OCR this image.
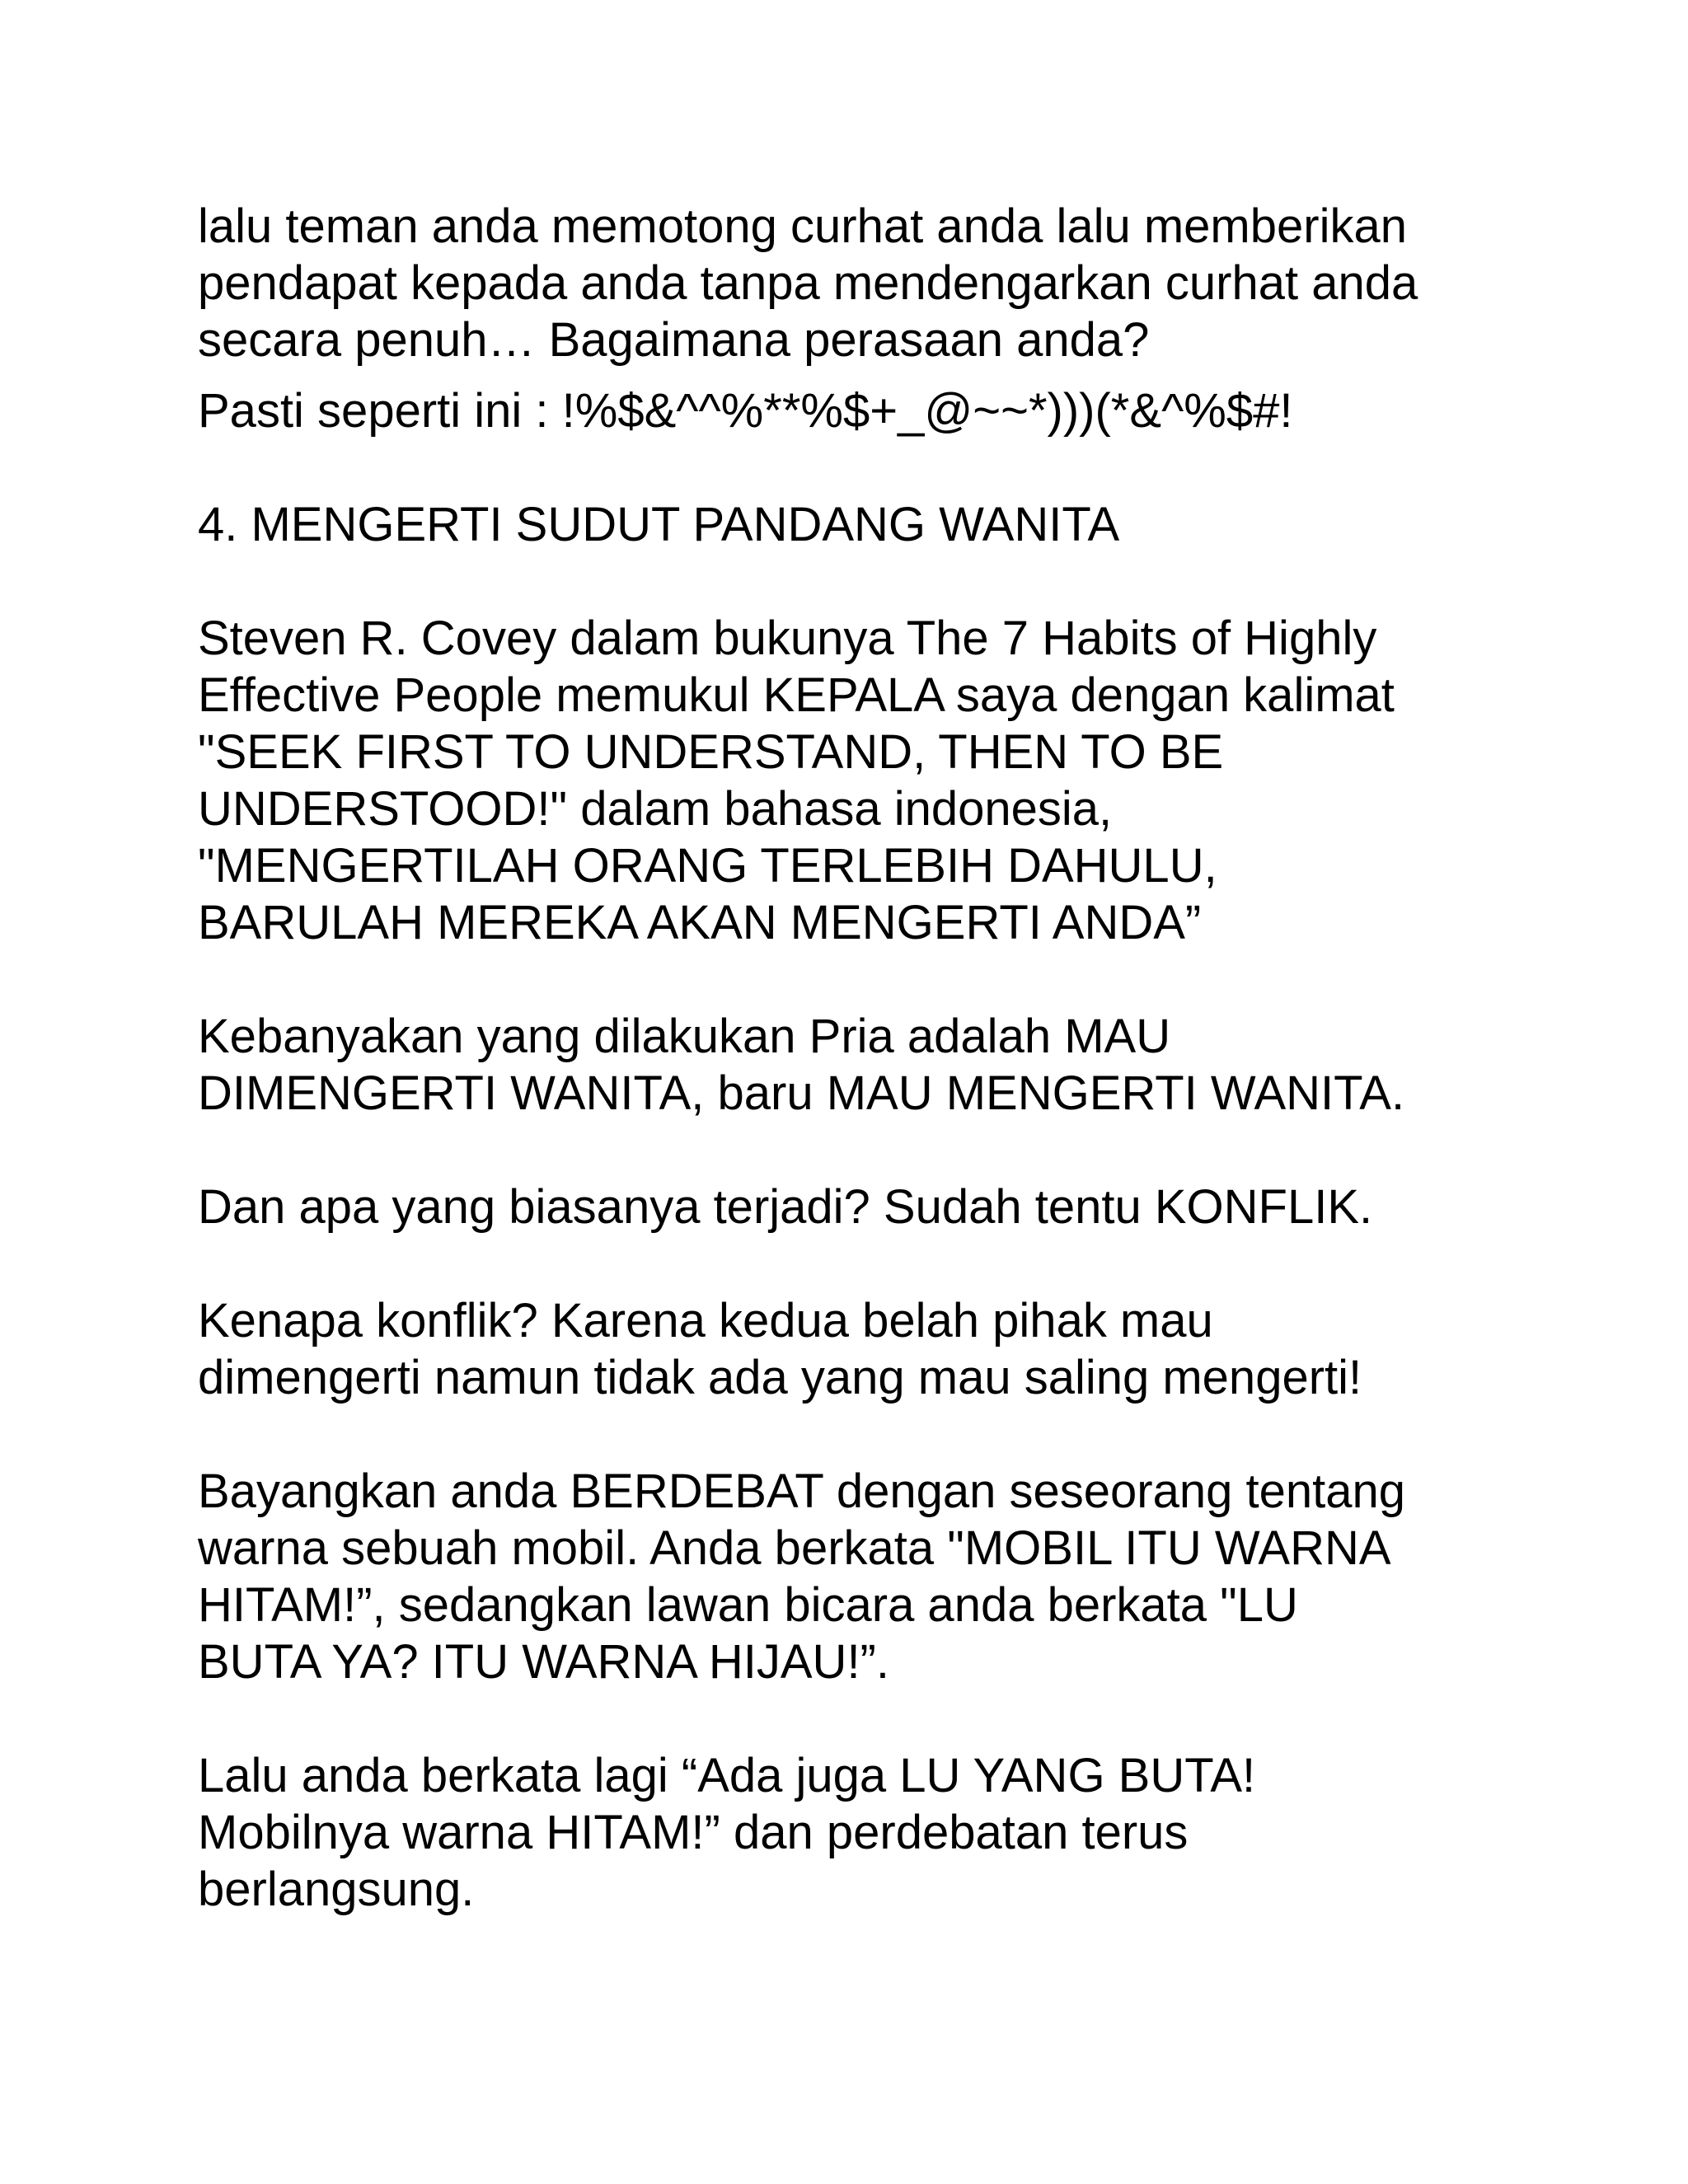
lalu teman anda memotong curhat anda lalu memberikan
pendapat kepada anda tanpa mendengarkan curhat anda
secara penuh… Bagaimana perasaan anda?
Pasti seperti ini : !%$&^^%**%$+_@~~*)))(*&^%$#!
4. MENGERTI SUDUT PANDANG WANITA
Steven R. Covey dalam bukunya The 7 Habits of Highly
Effective People memukul KEPALA saya dengan kalimat
"SEEK FIRST TO UNDERSTAND, THEN TO BE
UNDERSTOOD!" dalam bahasa indonesia,
"MENGERTILAH ORANG TERLEBIH DAHULU,
BARULAH MEREKA AKAN MENGERTI ANDA”
Kebanyakan yang dilakukan Pria adalah MAU
DIMENGERTI WANITA, baru MAU MENGERTI WANITA.
Dan apa yang biasanya terjadi? Sudah tentu KONFLIK.
Kenapa konflik? Karena kedua belah pihak mau
dimengerti namun tidak ada yang mau saling mengerti!
Bayangkan anda BERDEBAT dengan seseorang tentang
warna sebuah mobil. Anda berkata "MOBIL ITU WARNA
HITAM!”, sedangkan lawan bicara anda berkata "LU
BUTA YA? ITU WARNA HIJAU!”.
Lalu anda berkata lagi “Ada juga LU YANG BUTA!
Mobilnya warna HITAM!” dan perdebatan terus
berlangsung.
